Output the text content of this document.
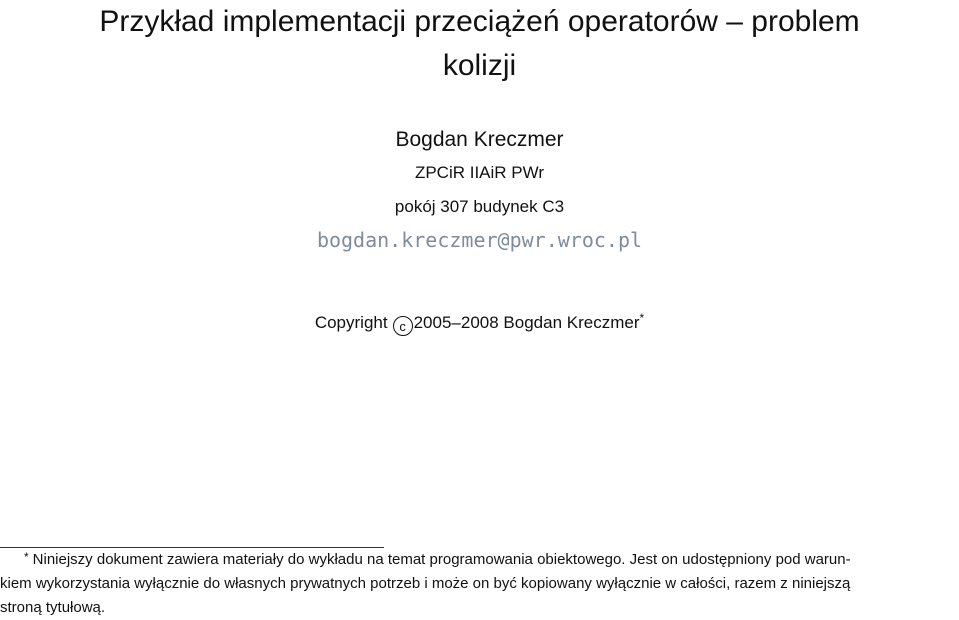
Przykład implementacji przeciążeń operatorów – problem
kolizji
Bogdan Kreczmer
ZPCiR IIAiR PWr
pokój 307 budynek C3
bogdan.kreczmer@pwr.wroc.pl
Copyright c 2005–2008 Bogdan Kreczmer*
* Niniejszy dokument zawiera materiały do wykładu na temat programowania obiektowego. Jest on udostępniony pod warun-
kiem wykorzystania wyłącznie do własnych prywatnych potrzeb i może on być kopiowany wyłącznie w całości, razem z niniejszą
stroną tytułową.
